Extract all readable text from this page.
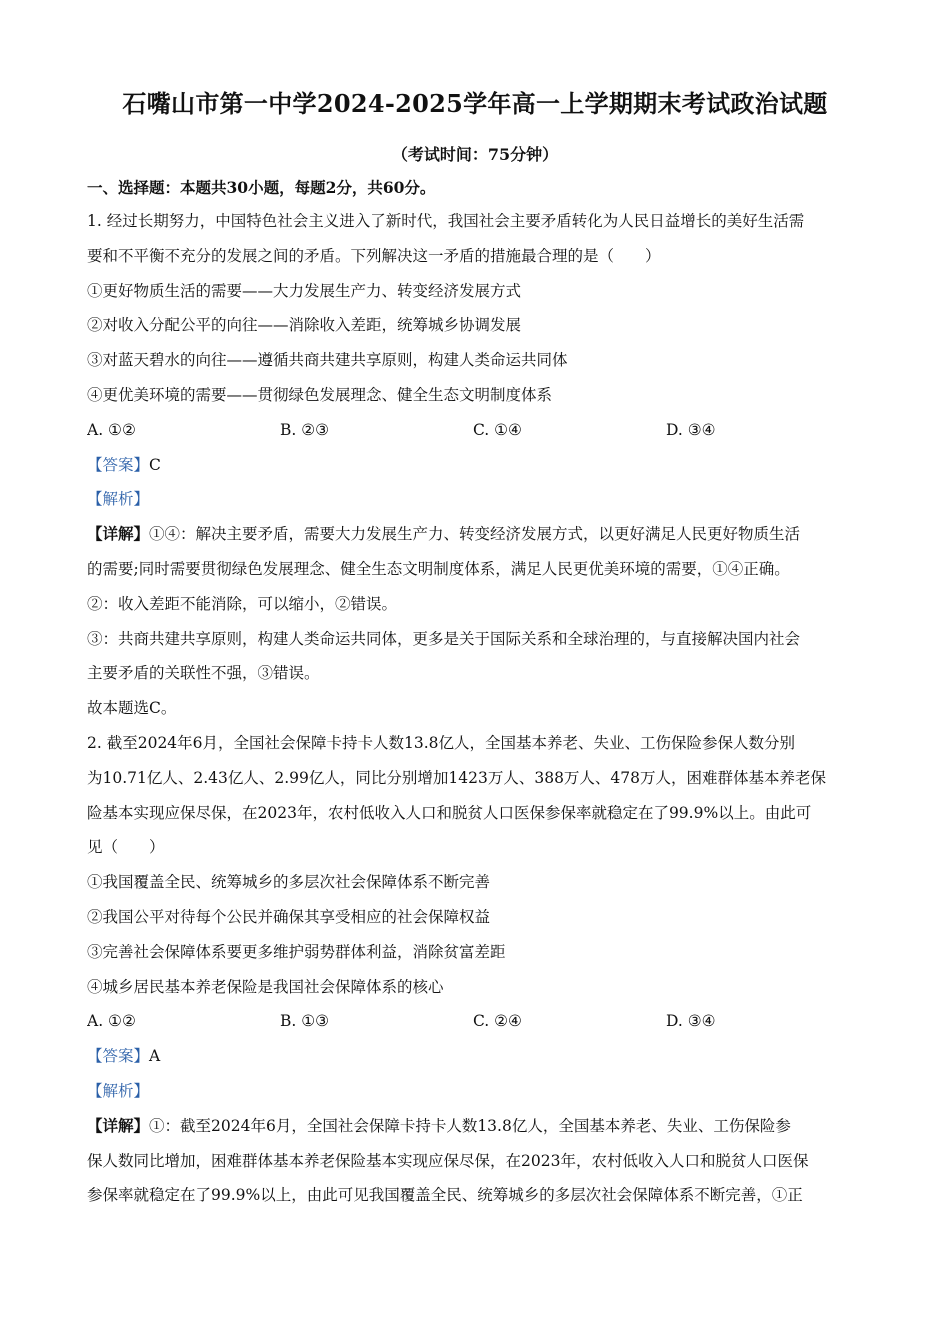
石嘴山市第一中学2024-2025学年高一上学期期末考试政治试题
（考试时间：75分钟）
一、选择题：本题共30小题，每题2分，共60分。
1. 经过长期努力，中国特色社会主义进入了新时代，我国社会主要矛盾转化为人民日益增长的美好生活需
要和不平衡不充分的发展之间的矛盾。下列解决这一矛盾的措施最合理的是（　　）
①更好物质生活的需要——大力发展生产力、转变经济发展方式
②对收入分配公平的向往——消除收入差距，统筹城乡协调发展
③对蓝天碧水的向往——遵循共商共建共享原则，构建人类命运共同体
④更优美环境的需要——贯彻绿色发展理念、健全生态文明制度体系
A. ①②	B. ②③	C. ①④	D. ③④
【答案】C
【解析】
【详解】①④：解决主要矛盾，需要大力发展生产力、转变经济发展方式，以更好满足人民更好物质生活
的需要;同时需要贯彻绿色发展理念、健全生态文明制度体系，满足人民更优美环境的需要，①④正确。
②：收入差距不能消除，可以缩小，②错误。
③：共商共建共享原则，构建人类命运共同体，更多是关于国际关系和全球治理的，与直接解决国内社会
主要矛盾的关联性不强，③错误。
故本题选C。
2. 截至2024年6月，全国社会保障卡持卡人数13.8亿人，全国基本养老、失业、工伤保险参保人数分别
为10.71亿人、2.43亿人、2.99亿人，同比分别增加1423万人、388万人、478万人，困难群体基本养老保
险基本实现应保尽保，在2023年，农村低收入人口和脱贫人口医保参保率就稳定在了99.9%以上。由此可
见（　　）
①我国覆盖全民、统筹城乡的多层次社会保障体系不断完善
②我国公平对待每个公民并确保其享受相应的社会保障权益
③完善社会保障体系要更多维护弱势群体利益，消除贫富差距
④城乡居民基本养老保险是我国社会保障体系的核心
A. ①②	B. ①③	C. ②④	D. ③④
【答案】A
【解析】
【详解】①：截至2024年6月，全国社会保障卡持卡人数13.8亿人，全国基本养老、失业、工伤保险参
保人数同比增加，困难群体基本养老保险基本实现应保尽保，在2023年，农村低收入人口和脱贫人口医保
参保率就稳定在了99.9%以上，由此可见我国覆盖全民、统筹城乡的多层次社会保障体系不断完善，①正
